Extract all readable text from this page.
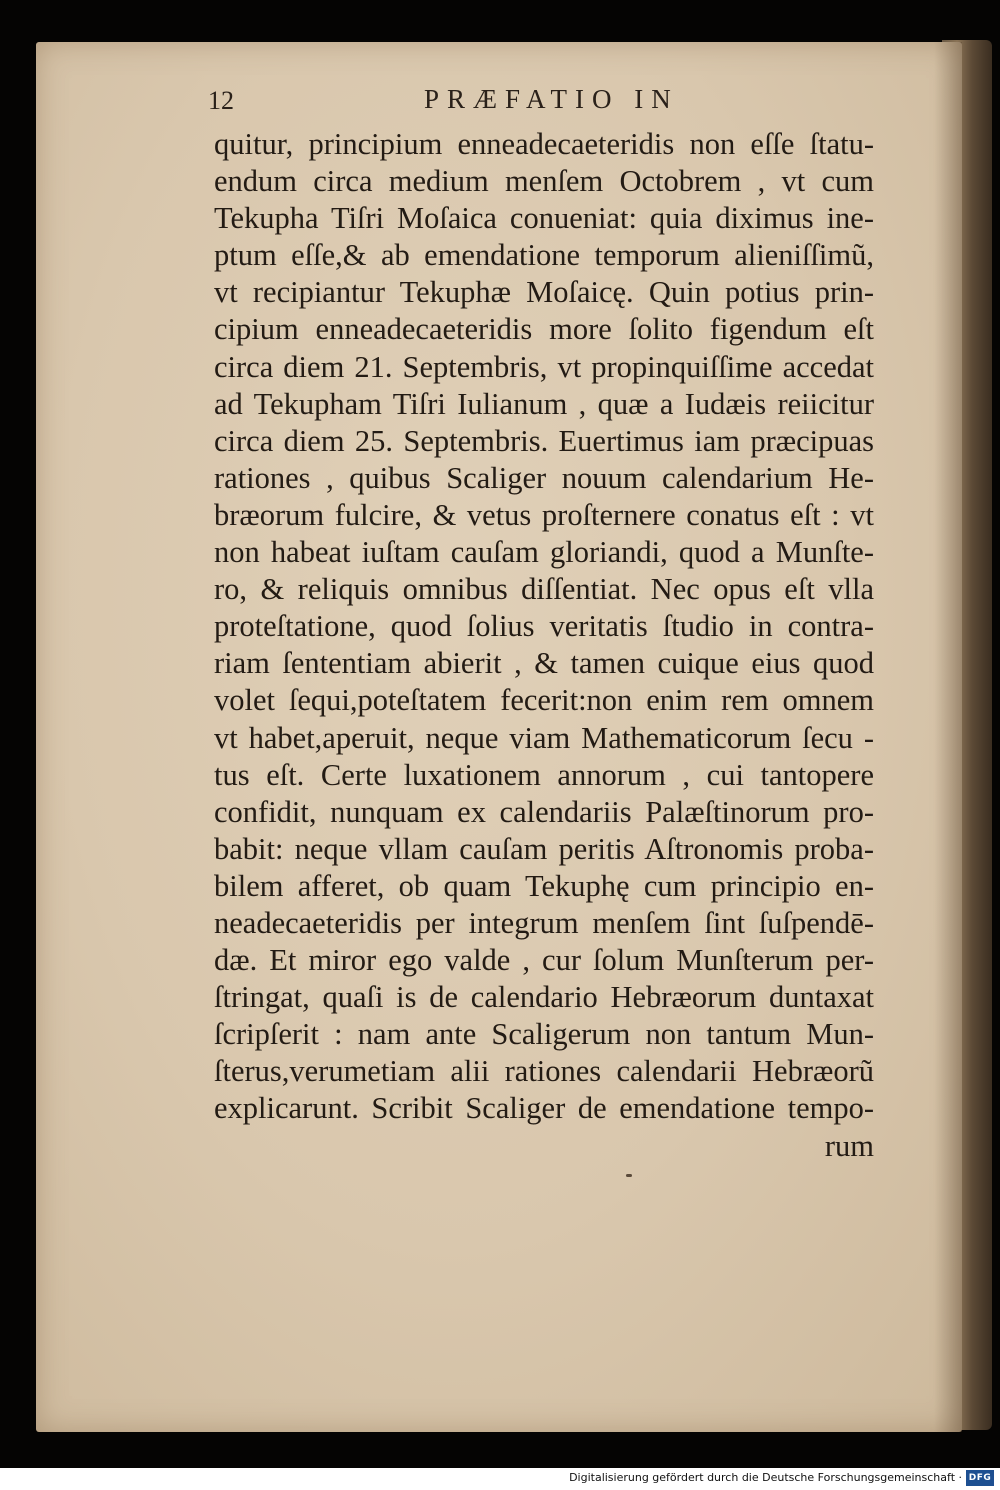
12	PRÆFATIO IN
quitur, principium enneadecaeteridis non eſſe ſtatu-
endum circa medium menſem Octobrem , vt cum
Tekupha Tiſri Moſaica conueniat: quia diximus ine-
ptum eſſe,& ab emendatione temporum alieniſſimũ,
vt recipiantur Tekuphæ Moſaicę. Quin potius prin-
cipium enneadecaeteridis more ſolito figendum eſt
circa diem 21. Septembris, vt propinquiſſime accedat
ad Tekupham Tiſri Iulianum , quæ a Iudæis reiicitur
circa diem 25. Septembris. Euertimus iam præcipuas
rationes , quibus Scaliger nouum calendarium He-
bræorum fulcire, & vetus proſternere conatus eſt : vt
non habeat iuſtam cauſam gloriandi, quod a Munſte-
ro, & reliquis omnibus diſſentiat. Nec opus eſt vlla
proteſtatione, quod ſolius veritatis ſtudio in contra-
riam ſententiam abierit , & tamen cuique eius quod
volet ſequi,poteſtatem fecerit:non enim rem omnem
vt habet,aperuit, neque viam Mathematicorum ſecu -
tus eſt. Certe luxationem annorum , cui tantopere
confidit, nunquam ex calendariis Palæſtinorum pro-
babit: neque vllam cauſam peritis Aſtronomis proba-
bilem afferet, ob quam Tekuphę cum principio en-
neadecaeteridis per integrum menſem ſint ſuſpendē-
dæ. Et miror ego valde , cur ſolum Munſterum per-
ſtringat, quaſi is de calendario Hebræorum duntaxat
ſcripſerit : nam ante Scaligerum non tantum Mun-
ſterus,verumetiam alii rationes calendarii Hebræorũ
explicarunt. Scribit Scaliger de emendatione tempo-
rum
Digitalisierung gefördert durch die Deutsche Forschungsgemeinschaft · DFG
